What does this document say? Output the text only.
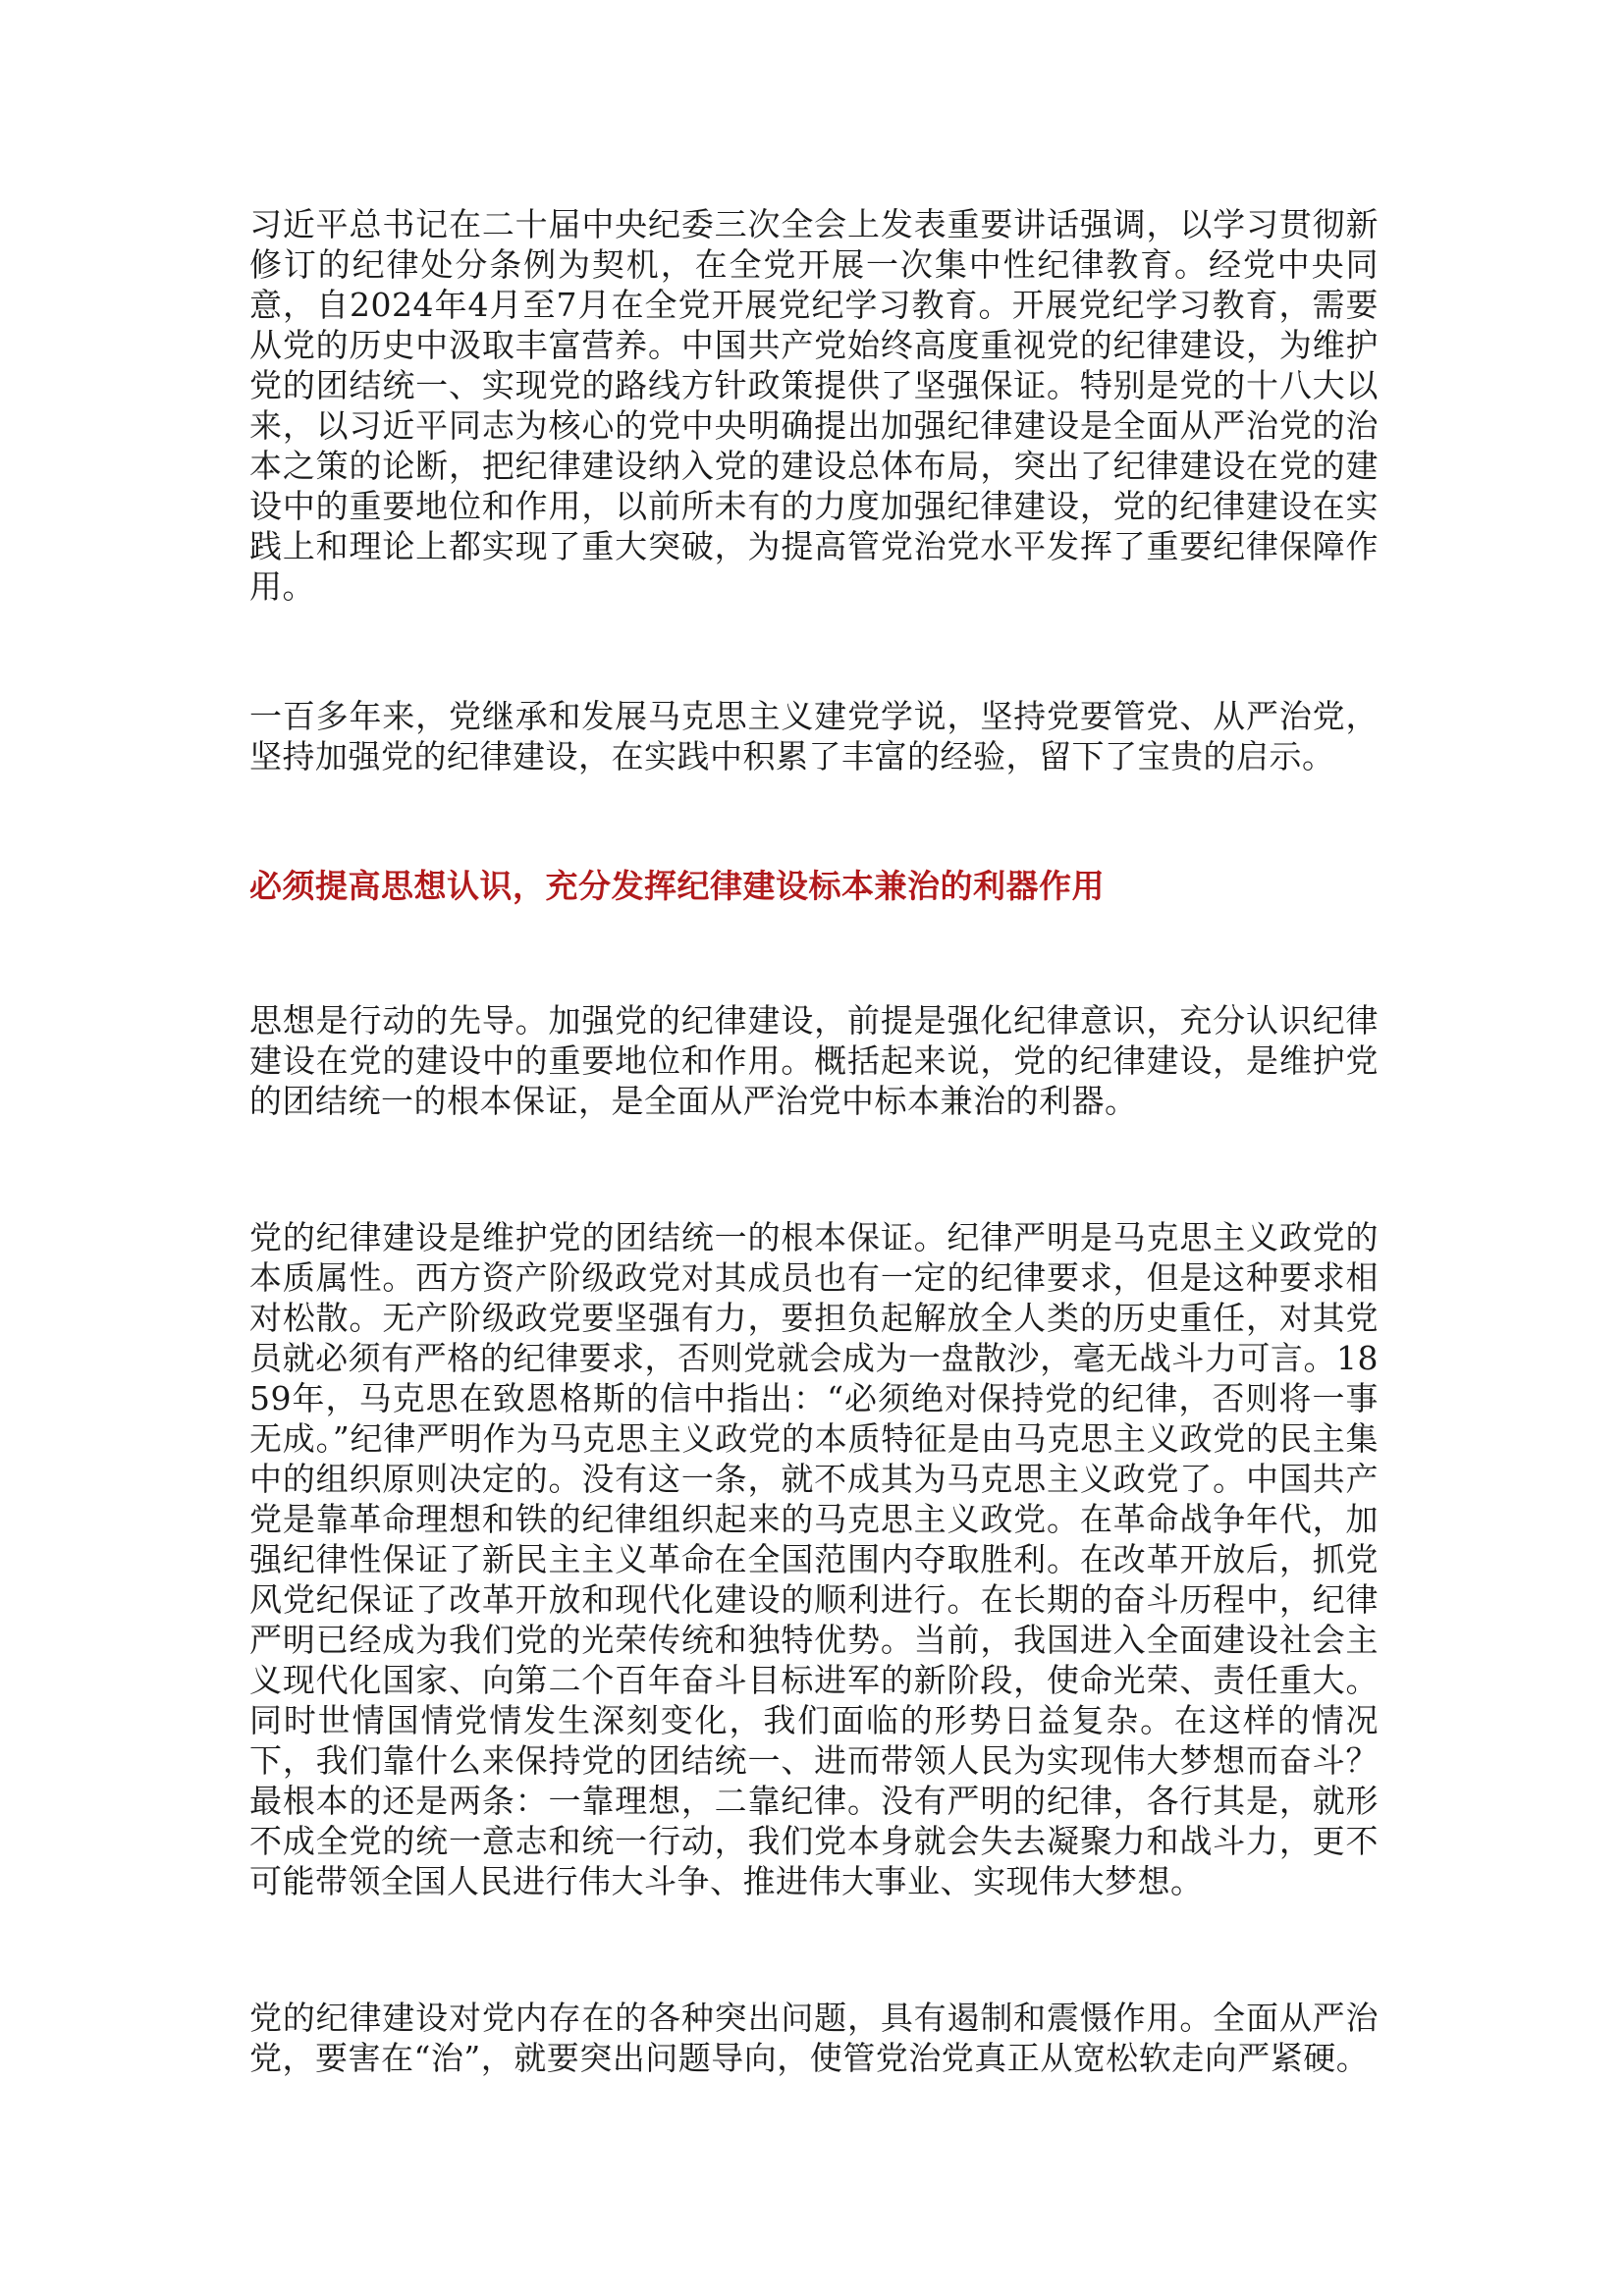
习近平总书记在二十届中央纪委三次全会上发表重要讲话强调，以学习贯彻新修订的纪律处分条例为契机，在全党开展一次集中性纪律教育。经党中央同意，自2024年4月至7月在全党开展党纪学习教育。开展党纪学习教育，需要从党的历史中汲取丰富营养。中国共产党始终高度重视党的纪律建设，为维护党的团结统一、实现党的路线方针政策提供了坚强保证。特别是党的十八大以来，以习近平同志为核心的党中央明确提出加强纪律建设是全面从严治党的治本之策的论断，把纪律建设纳入党的建设总体布局，突出了纪律建设在党的建设中的重要地位和作用，以前所未有的力度加强纪律建设，党的纪律建设在实践上和理论上都实现了重大突破，为提高管党治党水平发挥了重要纪律保障作用。

一百多年来，党继承和发展马克思主义建党学说，坚持党要管党、从严治党，坚持加强党的纪律建设，在实践中积累了丰富的经验，留下了宝贵的启示。

必须提高思想认识，充分发挥纪律建设标本兼治的利器作用

思想是行动的先导。加强党的纪律建设，前提是强化纪律意识，充分认识纪律建设在党的建设中的重要地位和作用。概括起来说，党的纪律建设，是维护党的团结统一的根本保证，是全面从严治党中标本兼治的利器。

党的纪律建设是维护党的团结统一的根本保证。纪律严明是马克思主义政党的本质属性。西方资产阶级政党对其成员也有一定的纪律要求，但是这种要求相对松散。无产阶级政党要坚强有力，要担负起解放全人类的历史重任，对其党员就必须有严格的纪律要求，否则党就会成为一盘散沙，毫无战斗力可言。1859年，马克思在致恩格斯的信中指出：“必须绝对保持党的纪律，否则将一事无成。”纪律严明作为马克思主义政党的本质特征是由马克思主义政党的民主集中的组织原则决定的。没有这一条，就不成其为马克思主义政党了。中国共产党是靠革命理想和铁的纪律组织起来的马克思主义政党。在革命战争年代，加强纪律性保证了新民主主义革命在全国范围内夺取胜利。在改革开放后，抓党风党纪保证了改革开放和现代化建设的顺利进行。在长期的奋斗历程中，纪律严明已经成为我们党的光荣传统和独特优势。当前，我国进入全面建设社会主义现代化国家、向第二个百年奋斗目标进军的新阶段，使命光荣、责任重大。同时世情国情党情发生深刻变化，我们面临的形势日益复杂。在这样的情况下，我们靠什么来保持党的团结统一、进而带领人民为实现伟大梦想而奋斗？最根本的还是两条：一靠理想，二靠纪律。没有严明的纪律，各行其是，就形不成全党的统一意志和统一行动，我们党本身就会失去凝聚力和战斗力，更不可能带领全国人民进行伟大斗争、推进伟大事业、实现伟大梦想。

党的纪律建设对党内存在的各种突出问题，具有遏制和震慑作用。全面从严治党，要害在“治”，就要突出问题导向，使管党治党真正从宽松软走向严紧硬。
